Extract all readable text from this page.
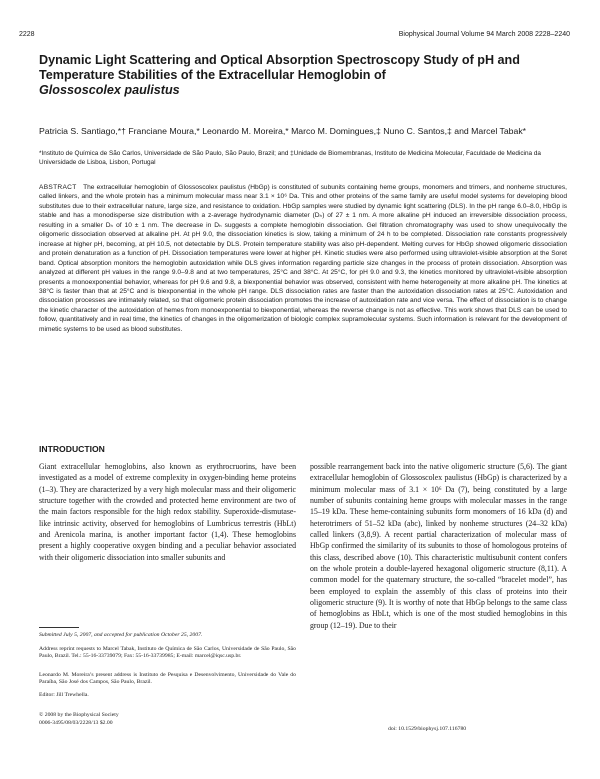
2228	Biophysical Journal Volume 94 March 2008 2228–2240
Dynamic Light Scattering and Optical Absorption Spectroscopy Study of pH and Temperature Stabilities of the Extracellular Hemoglobin of
Glossoscolex paulistus
Patricia S. Santiago,*† Franciane Moura,* Leonardo M. Moreira,* Marco M. Domingues,‡ Nuno C. Santos,‡ and Marcel Tabak*
*Instituto de Química de São Carlos, Universidade de São Paulo, São Paulo, Brazil; and ‡Unidade de Biomembranas, Instituto de Medicina Molecular, Faculdade de Medicina da Universidade de Lisboa, Lisbon, Portugal

ABSTRACT The extracellular hemoglobin of Glossoscolex paulistus (HbGp) is constituted of subunits containing heme groups, monomers and trimers, and nonheme structures, called linkers, and the whole protein has a minimum molecular mass near 3.1 × 10⁶ Da. This and other proteins of the same family are useful model systems for developing blood substitutes due to their extracellular nature, large size, and resistance to oxidation. HbGp samples were studied by dynamic light scattering (DLS). In the pH range 6.0–8.0, HbGp is stable and has a monodisperse size distribution with a z-average hydrodynamic diameter (Dₕ) of 27 ± 1 nm. A more alkaline pH induced an irreversible dissociation process, resulting in a smaller Dₕ of 10 ± 1 nm. The decrease in Dₕ suggests a complete hemoglobin dissociation. Gel filtration chromatography was used to show unequivocally the oligomeric dissociation observed at alkaline pH. At pH 9.0, the dissociation kinetics is slow, taking a minimum of 24 h to be completed. Dissociation rate constants progressively increase at higher pH, becoming, at pH 10.5, not detectable by DLS. Protein temperature stability was also pH-dependent. Melting curves for HbGp showed oligomeric dissociation and protein denaturation as a function of pH. Dissociation temperatures were lower at higher pH. Kinetic studies were also performed using ultraviolet-visible absorption at the Soret band. Optical absorption monitors the hemoglobin autoxidation while DLS gives information regarding particle size changes in the process of protein dissociation. Absorption was analyzed at different pH values in the range 9.0–9.8 and at two temperatures, 25°C and 38°C. At 25°C, for pH 9.0 and 9.3, the kinetics monitored by ultraviolet-visible absorption presents a monoexponential behavior, whereas for pH 9.6 and 9.8, a biexponential behavior was observed, consistent with heme heterogeneity at more alkaline pH. The kinetics at 38°C is faster than that at 25°C and is biexponential in the whole pH range. DLS dissociation rates are faster than the autoxidation dissociation rates at 25°C. Autoxidation and dissociation processes are intimately related, so that oligomeric protein dissociation promotes the increase of autoxidation rate and vice versa. The effect of dissociation is to change the kinetic character of the autoxidation of hemes from monoexponential to biexponential, whereas the reverse change is not as effective. This work shows that DLS can be used to follow, quantitatively and in real time, the kinetics of changes in the oligomerization of biologic complex supramolecular systems. Such information is relevant for the development of mimetic systems to be used as blood substitutes.

INTRODUCTION

Giant extracellular hemoglobins, also known as erythrocruorins, have been investigated as a model of extreme complexity in oxygen-binding heme proteins (1–3). They are characterized by a very high molecular mass and their oligomeric structure together with the crowded and protected heme environment are two of the main factors responsible for the high redox stability. Superoxide-dismutase-like intrinsic activity, observed for hemoglobins of Lumbricus terrestris (HbLt) and Arenicola marina, is another important factor (1,4). These hemoglobins present a highly cooperative oxygen binding and a peculiar behavior associated with their oligomeric dissociation into smaller subunits and

possible rearrangement back into the native oligomeric structure (5,6). The giant extracellular hemoglobin of Glossoscolex paulistus (HbGp) is characterized by a minimum molecular mass of 3.1 × 10⁶ Da (7), being constituted by a large number of subunits containing heme groups with molecular masses in the range 15–19 kDa. These heme-containing subunits form monomers of 16 kDa (d) and heterotrimers of 51–52 kDa (abc), linked by nonheme structures (24–32 kDa) called linkers (3,8,9). A recent partial characterization of molecular mass of HbGp confirmed the similarity of its subunits to those of homologous proteins of this class, described above (10). This characteristic multisubunit content confers on the whole protein a double-layered hexagonal oligomeric structure (8,11). A common model for the quaternary structure, the so-called “bracelet model”, has been employed to explain the assembly of this class of proteins into their oligomeric structure (9). It is worthy of note that HbGp belongs to the same class of hemoglobins as HbLt, which is one of the most studied hemoglobins in this group (12–19). Due to their

Submitted July 5, 2007, and accepted for publication October 25, 2007.

Address reprint requests to Marcel Tabak, Instituto de Química de São Carlos, Universidade de São Paulo, São Paulo, Brazil. Tel.: 55-16-33739079; Fax: 55-16-33739985; E-mail: marcel@iqsc.usp.br.

Leonardo M. Moreira’s present address is Instituto de Pesquisa e Desenvolvimento, Universidade do Vale do Paraíba, São José dos Campos, São Paulo, Brazil.

Editor: Jill Trewhella.

© 2008 by the Biophysical Society

0006-3495/08/03/2228/13 $2.00

doi: 10.1529/biophysj.107.116780
